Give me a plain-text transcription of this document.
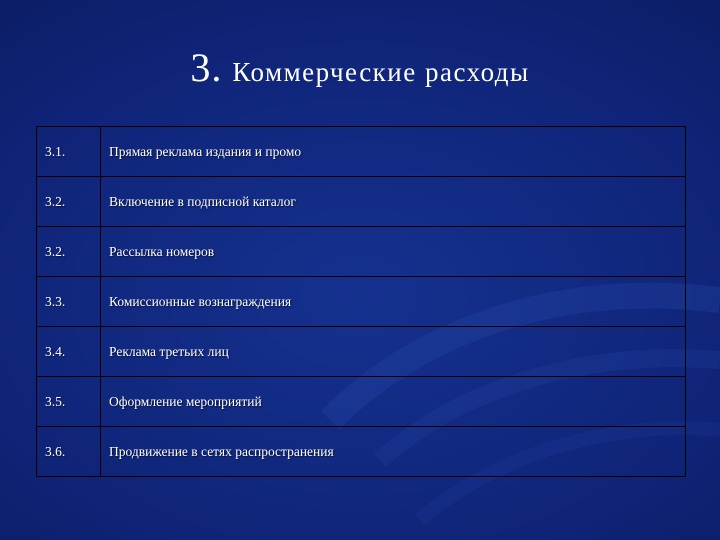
3. Коммерческие расходы
3.1.	Прямая реклама издания и промо
3.2.	Включение в подписной каталог
3.2.	Рассылка номеров
3.3.	Комиссионные вознаграждения
3.4.	Реклама третьих лиц
3.5.	Оформление мероприятий
3.6.	Продвижение в сетях распространения
